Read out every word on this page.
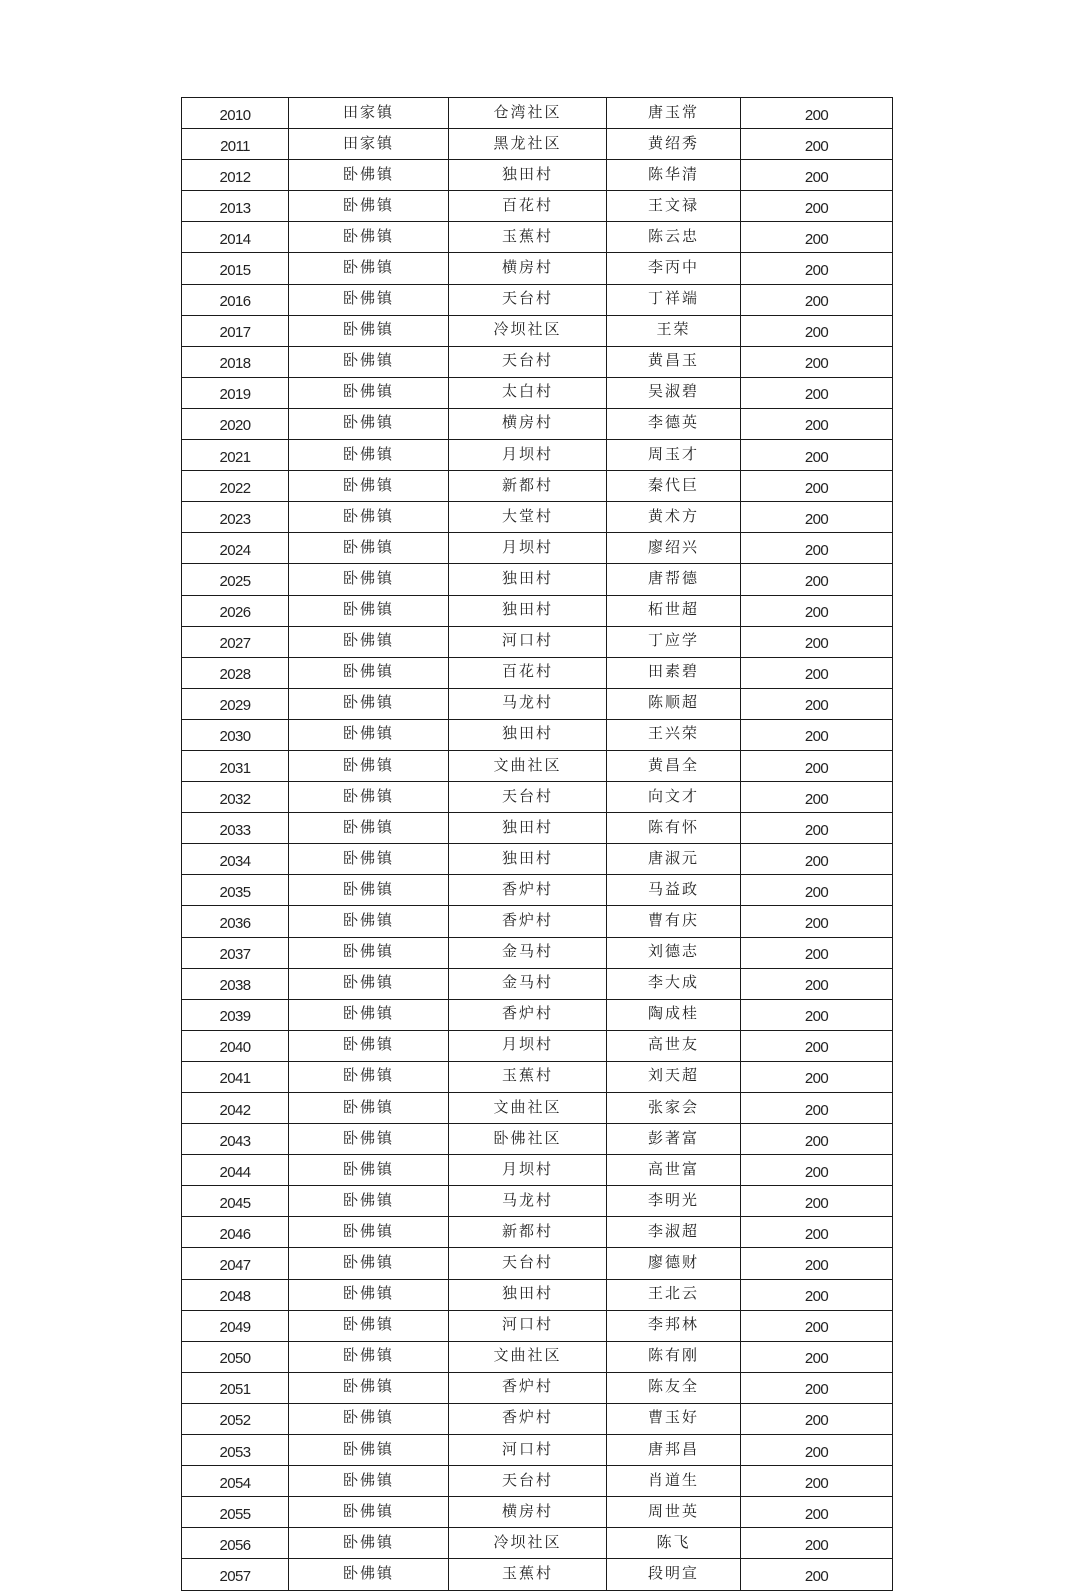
2010	田家镇	仓湾社区	唐玉常	200
2011	田家镇	黑龙社区	黄绍秀	200
2012	卧佛镇	独田村	陈华清	200
2013	卧佛镇	百花村	王文禄	200
2014	卧佛镇	玉蕉村	陈云忠	200
2015	卧佛镇	横房村	李丙中	200
2016	卧佛镇	天台村	丁祥端	200
2017	卧佛镇	冷坝社区	王荣	200
2018	卧佛镇	天台村	黄昌玉	200
2019	卧佛镇	太白村	吴淑碧	200
2020	卧佛镇	横房村	李德英	200
2021	卧佛镇	月坝村	周玉才	200
2022	卧佛镇	新都村	秦代巨	200
2023	卧佛镇	大堂村	黄术方	200
2024	卧佛镇	月坝村	廖绍兴	200
2025	卧佛镇	独田村	唐帮德	200
2026	卧佛镇	独田村	柘世超	200
2027	卧佛镇	河口村	丁应学	200
2028	卧佛镇	百花村	田素碧	200
2029	卧佛镇	马龙村	陈顺超	200
2030	卧佛镇	独田村	王兴荣	200
2031	卧佛镇	文曲社区	黄昌全	200
2032	卧佛镇	天台村	向文才	200
2033	卧佛镇	独田村	陈有怀	200
2034	卧佛镇	独田村	唐淑元	200
2035	卧佛镇	香炉村	马益政	200
2036	卧佛镇	香炉村	曹有庆	200
2037	卧佛镇	金马村	刘德志	200
2038	卧佛镇	金马村	李大成	200
2039	卧佛镇	香炉村	陶成桂	200
2040	卧佛镇	月坝村	高世友	200
2041	卧佛镇	玉蕉村	刘天超	200
2042	卧佛镇	文曲社区	张家会	200
2043	卧佛镇	卧佛社区	彭著富	200
2044	卧佛镇	月坝村	高世富	200
2045	卧佛镇	马龙村	李明光	200
2046	卧佛镇	新都村	李淑超	200
2047	卧佛镇	天台村	廖德财	200
2048	卧佛镇	独田村	王北云	200
2049	卧佛镇	河口村	李邦林	200
2050	卧佛镇	文曲社区	陈有刚	200
2051	卧佛镇	香炉村	陈友全	200
2052	卧佛镇	香炉村	曹玉好	200
2053	卧佛镇	河口村	唐邦昌	200
2054	卧佛镇	天台村	肖道生	200
2055	卧佛镇	横房村	周世英	200
2056	卧佛镇	冷坝社区	陈飞	200
2057	卧佛镇	玉蕉村	段明宣	200
